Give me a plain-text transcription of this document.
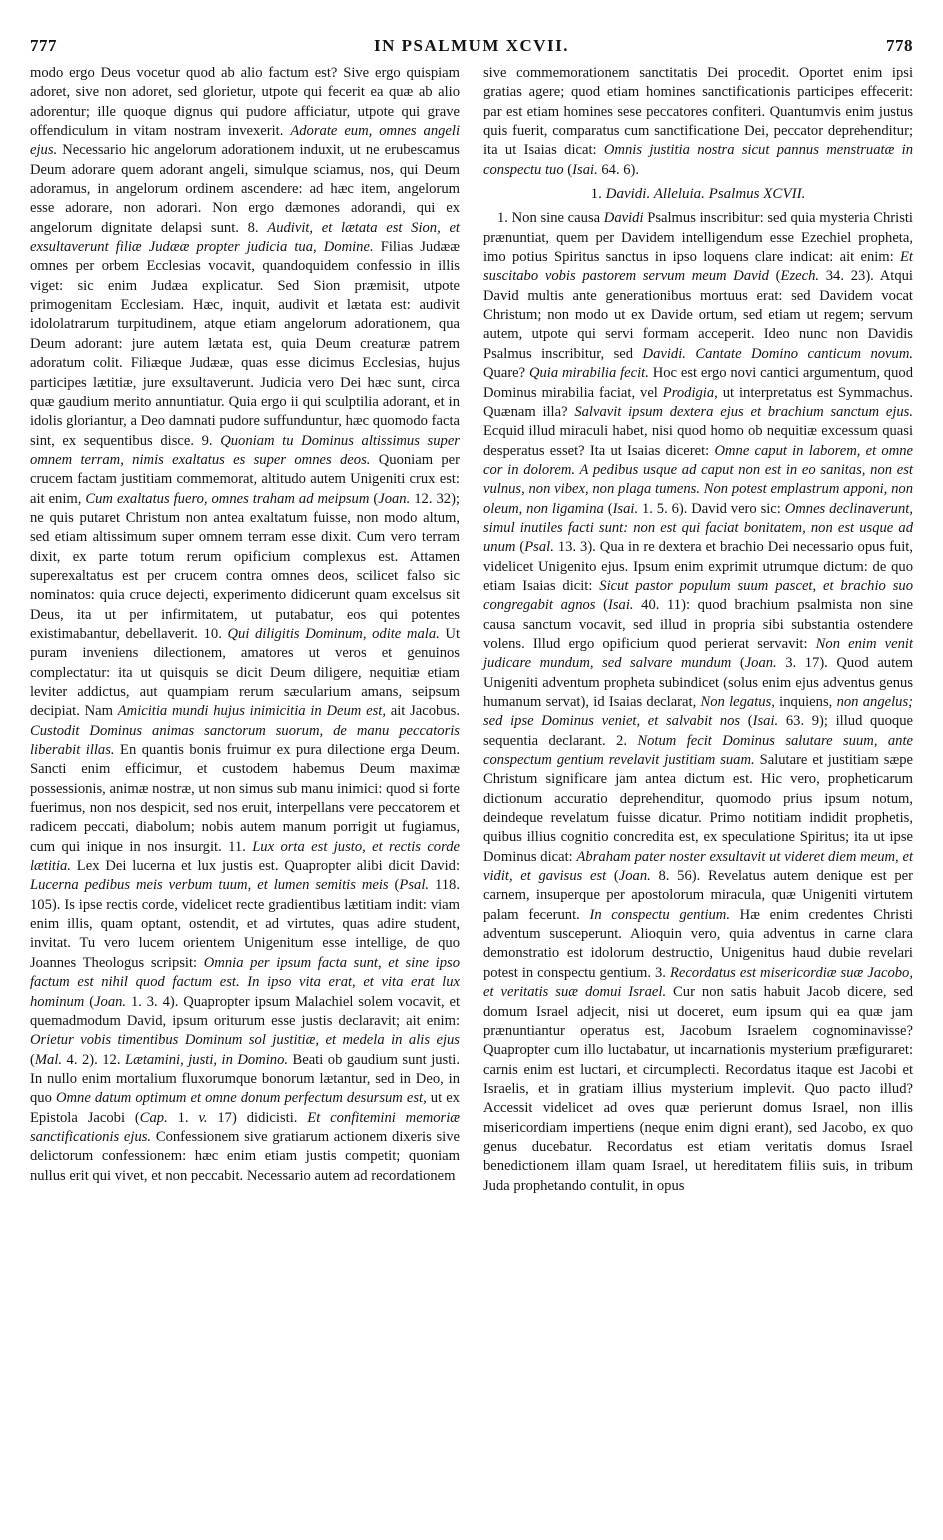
777	IN PSALMUM XCVII.	778

modo ergo Deus vocetur quod ab alio factum est? Sive ergo quispiam adoret, sive non adoret, sed glorietur, utpote qui fecerit ea quæ ab alio adorentur; ille quoque dignus qui pudore afficiatur, utpote qui grave offendiculum in vitam nostram invexerit. Adorate eum, omnes angeli ejus. Necessario hic angelorum adorationem induxit, ut ne erubescamus Deum adorare quem adorant angeli, simulque sciamus, nos, qui Deum adoramus, in angelorum ordinem ascendere: ad hæc item, angelorum esse adorare, non adorari. Non ergo dæmones adorandi, qui ex angelorum dignitate delapsi sunt. 8. Audivit, et lætata est Sion, et exsultaverunt filiæ Judææ propter judicia tua, Domine. Filias Judææ omnes per orbem Ecclesias vocavit, quandoquidem confessio in illis viget: sic enim Judæa explicatur. Sed Sion præmisit, utpote primogenitam Ecclesiam. Hæc, inquit, audivit et lætata est: audivit idololatrarum turpitudinem, atque etiam angelorum adorationem, qua Deum adorant: jure autem lætata est, quia Deum creaturæ patrem adoratum colit. Filiæque Judææ, quas esse dicimus Ecclesias, hujus participes lætitiæ, jure exsultaverunt. Judicia vero Dei hæc sunt, circa quæ gaudium merito annuntiatur. Quia ergo ii qui sculptilia adorant, et in idolis gloriantur, a Deo damnati pudore suffunduntur, hæc quomodo facta sint, ex sequentibus disce. 9. Quoniam tu Dominus altissimus super omnem terram, nimis exaltatus es super omnes deos. Quoniam per crucem factam justitiam commemorat, altitudo autem Unigeniti crux est: ait enim, Cum exaltatus fuero, omnes traham ad meipsum (Joan. 12. 32); ne quis putaret Christum non antea exaltatum fuisse, non modo altum, sed etiam altissimum super omnem terram esse dixit. Cum vero terram dixit, ex parte totum rerum opificium complexus est. Attamen superexaltatus est per crucem contra omnes deos, scilicet falso sic nominatos: quia cruce dejecti, experimento didicerunt quam excelsus sit Deus, ita ut per infirmitatem, ut putabatur, eos qui potentes existimabantur, debellaverit. 10. Qui diligitis Dominum, odite mala. Ut puram inveniens dilectionem, amatores ut veros et genuinos complectatur: ita ut quisquis se dicit Deum diligere, nequitiæ etiam leviter addictus, aut quampiam rerum sæcularium amans, seipsum decipiat. Nam Amicitia mundi hujus inimicitia in Deum est, ait Jacobus. Custodit Dominus animas sanctorum suorum, de manu peccatoris liberabit illas. En quantis bonis fruimur ex pura dilectione erga Deum. Sancti enim efficimur, et custodem habemus Deum maximæ possessionis, animæ nostræ, ut non simus sub manu inimici: quod si forte fuerimus, non nos despicit, sed nos eruit, interpellans vere peccatorem et radicem peccati, diabolum; nobis autem manum porrigit ut fugiamus, cum qui inique in nos insurgit. 11. Lux orta est justo, et rectis corde lætitia. Lex Dei lucerna et lux justis est. Quapropter alibi dicit David: Lucerna pedibus meis verbum tuum, et lumen semitis meis (Psal. 118. 105). Is ipse rectis corde, videlicet recte gradientibus lætitiam indit: viam enim illis, quam optant, ostendit, et ad virtutes, quas adire student, invitat. Tu vero lucem orientem Unigenitum esse intellige, de quo Joannes Theologus scripsit: Omnia per ipsum facta sunt, et sine ipso factum est nihil quod factum est. In ipso vita erat, et vita erat lux hominum (Joan. 1. 3. 4). Quapropter ipsum Malachiel solem vocavit, et quemadmodum David, ipsum oriturum esse justis declaravit; ait enim: Orietur vobis timentibus Dominum sol justitiæ, et medela in alis ejus (Mal. 4. 2). 12. Lætamini, justi, in Domino. Beati ob gaudium sunt justi. In nullo enim mortalium fluxorumque bonorum lætantur, sed in Deo, in quo Omne datum optimum et omne donum perfectum desursum est, ut ex Epistola Jacobi (Cap. 1. v. 17) didicisti. Et confitemini memoriæ sanctificationis ejus. Confessionem sive gratiarum actionem dixeris sive delictorum confessionem: hæc enim etiam justis competit; quoniam nullus erit qui vivet, et non peccabit. Necessario autem ad recordationem

sive commemorationem sanctitatis Dei procedit. Oportet enim ipsi gratias agere; quod etiam homines sanctificationis participes effecerit: par est etiam homines sese peccatores confiteri. Quantumvis enim justus quis fuerit, comparatus cum sanctificatione Dei, peccator deprehenditur; ita ut Isaias dicat: Omnis justitia nostra sicut pannus menstruatæ in conspectu tuo (Isai. 64. 6).

1. Davidi. Alleluia. Psalmus XCVII.

1. Non sine causa Davidi Psalmus inscribitur: sed quia mysteria Christi prænuntiat, quem per Davidem intelligendum esse Ezechiel propheta, imo potius Spiritus sanctus in ipso loquens clare indicat: ait enim: Et suscitabo vobis pastorem servum meum David (Ezech. 34. 23). Atqui David multis ante generationibus mortuus erat: sed Davidem vocat Christum; non modo ut ex Davide ortum, sed etiam ut regem; servum autem, utpote qui servi formam acceperit. Ideo nunc non Davidis Psalmus inscribitur, sed Davidi. Cantate Domino canticum novum. Quare? Quia mirabilia fecit. Hoc est ergo novi cantici argumentum, quod Dominus mirabilia faciat, vel Prodigia, ut interpretatus est Symmachus. Quænam illa? Salvavit ipsum dextera ejus et brachium sanctum ejus. Ecquid illud miraculi habet, nisi quod homo ob nequitiæ excessum quasi desperatus esset? Ita ut Isaias diceret: Omne caput in laborem, et omne cor in dolorem. A pedibus usque ad caput non est in eo sanitas, non est vulnus, non vibex, non plaga tumens. Non potest emplastrum apponi, non oleum, non ligamina (Isai. 1. 5. 6). David vero sic: Omnes declinaverunt, simul inutiles facti sunt: non est qui faciat bonitatem, non est usque ad unum (Psal. 13. 3). Qua in re dextera et brachio Dei necessario opus fuit, videlicet Unigenito ejus. Ipsum enim exprimit utrumque dictum: de quo etiam Isaias dicit: Sicut pastor populum suum pascet, et brachio suo congregabit agnos (Isai. 40. 11): quod brachium psalmista non sine causa sanctum vocavit, sed illud in propria sibi substantia ostendere volens. Illud ergo opificium quod perierat servavit: Non enim venit judicare mundum, sed salvare mundum (Joan. 3. 17). Quod autem Unigeniti adventum propheta subindicet (solus enim ejus adventus genus humanum servat), id Isaias declarat, Non legatus, inquiens, non angelus; sed ipse Dominus veniet, et salvabit nos (Isai. 63. 9); illud quoque sequentia declarant. 2. Notum fecit Dominus salutare suum, ante conspectum gentium revelavit justitiam suam. Salutare et justitiam sæpe Christum significare jam antea dictum est. Hic vero, propheticarum dictionum accuratio deprehenditur, quomodo prius ipsum notum, deindeque revelatum fuisse dicatur. Primo notitiam indidit prophetis, quibus illius cognitio concredita est, ex speculatione Spiritus; ita ut ipse Dominus dicat: Abraham pater noster exsultavit ut videret diem meum, et vidit, et gavisus est (Joan. 8. 56). Revelatus autem denique est per carnem, insuperque per apostolorum miracula, quæ Unigeniti virtutem palam fecerunt. In conspectu gentium. Hæ enim credentes Christi adventum susceperunt. Alioquin vero, quia adventus in carne clara demonstratio est idolorum destructio, Unigenitus haud dubie revelari potest in conspectu gentium. 3. Recordatus est misericordiæ suæ Jacobo, et veritatis suæ domui Israel. Cur non satis habuit Jacob dicere, sed domum Israel adjecit, nisi ut doceret, eum ipsum qui ea quæ jam prænuntiantur operatus est, Jacobum Israelem cognominavisse? Quapropter cum illo luctabatur, ut incarnationis mysterium præfiguraret: carnis enim est luctari, et circumplecti. Recordatus itaque est Jacobi et Israelis, et in gratiam illius mysterium implevit. Quo pacto illud? Accessit videlicet ad oves quæ perierunt domus Israel, non illis misericordiam impertiens (neque enim digni erant), sed Jacobo, ex quo genus ducebatur. Recordatus est etiam veritatis domus Israel benedictionem illam quam Israel, ut hereditatem filiis suis, in tribum Juda prophetando contulit, in opus
